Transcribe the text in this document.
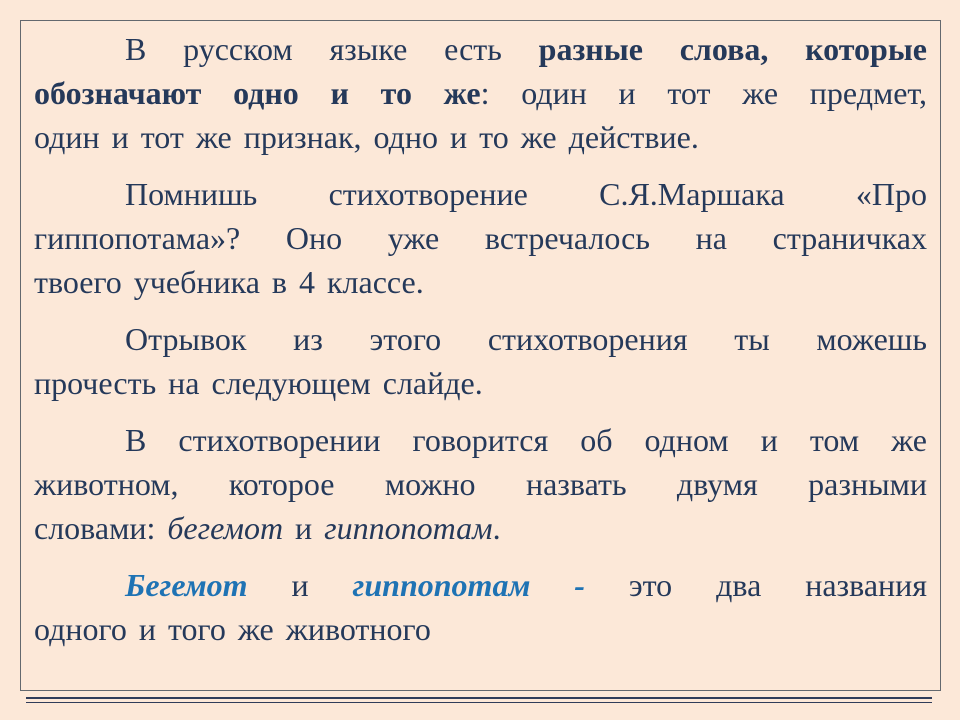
В русском языке есть разные слова, которые
обозначают одно и то же: один и тот же предмет,
один и тот же признак, одно и то же действие.
Помнишь стихотворение С.Я.Маршака «Про
гиппопотама»? Оно уже встречалось на страничках
твоего учебника в 4 классе.
Отрывок из этого стихотворения ты можешь
прочесть на следующем слайде.
В стихотворении говорится об одном и том же
животном, которое можно назвать двумя разными
словами: бегемот и гиппопотам.
Бегемот и гиппопотам - это два названия
одного и того же животного
